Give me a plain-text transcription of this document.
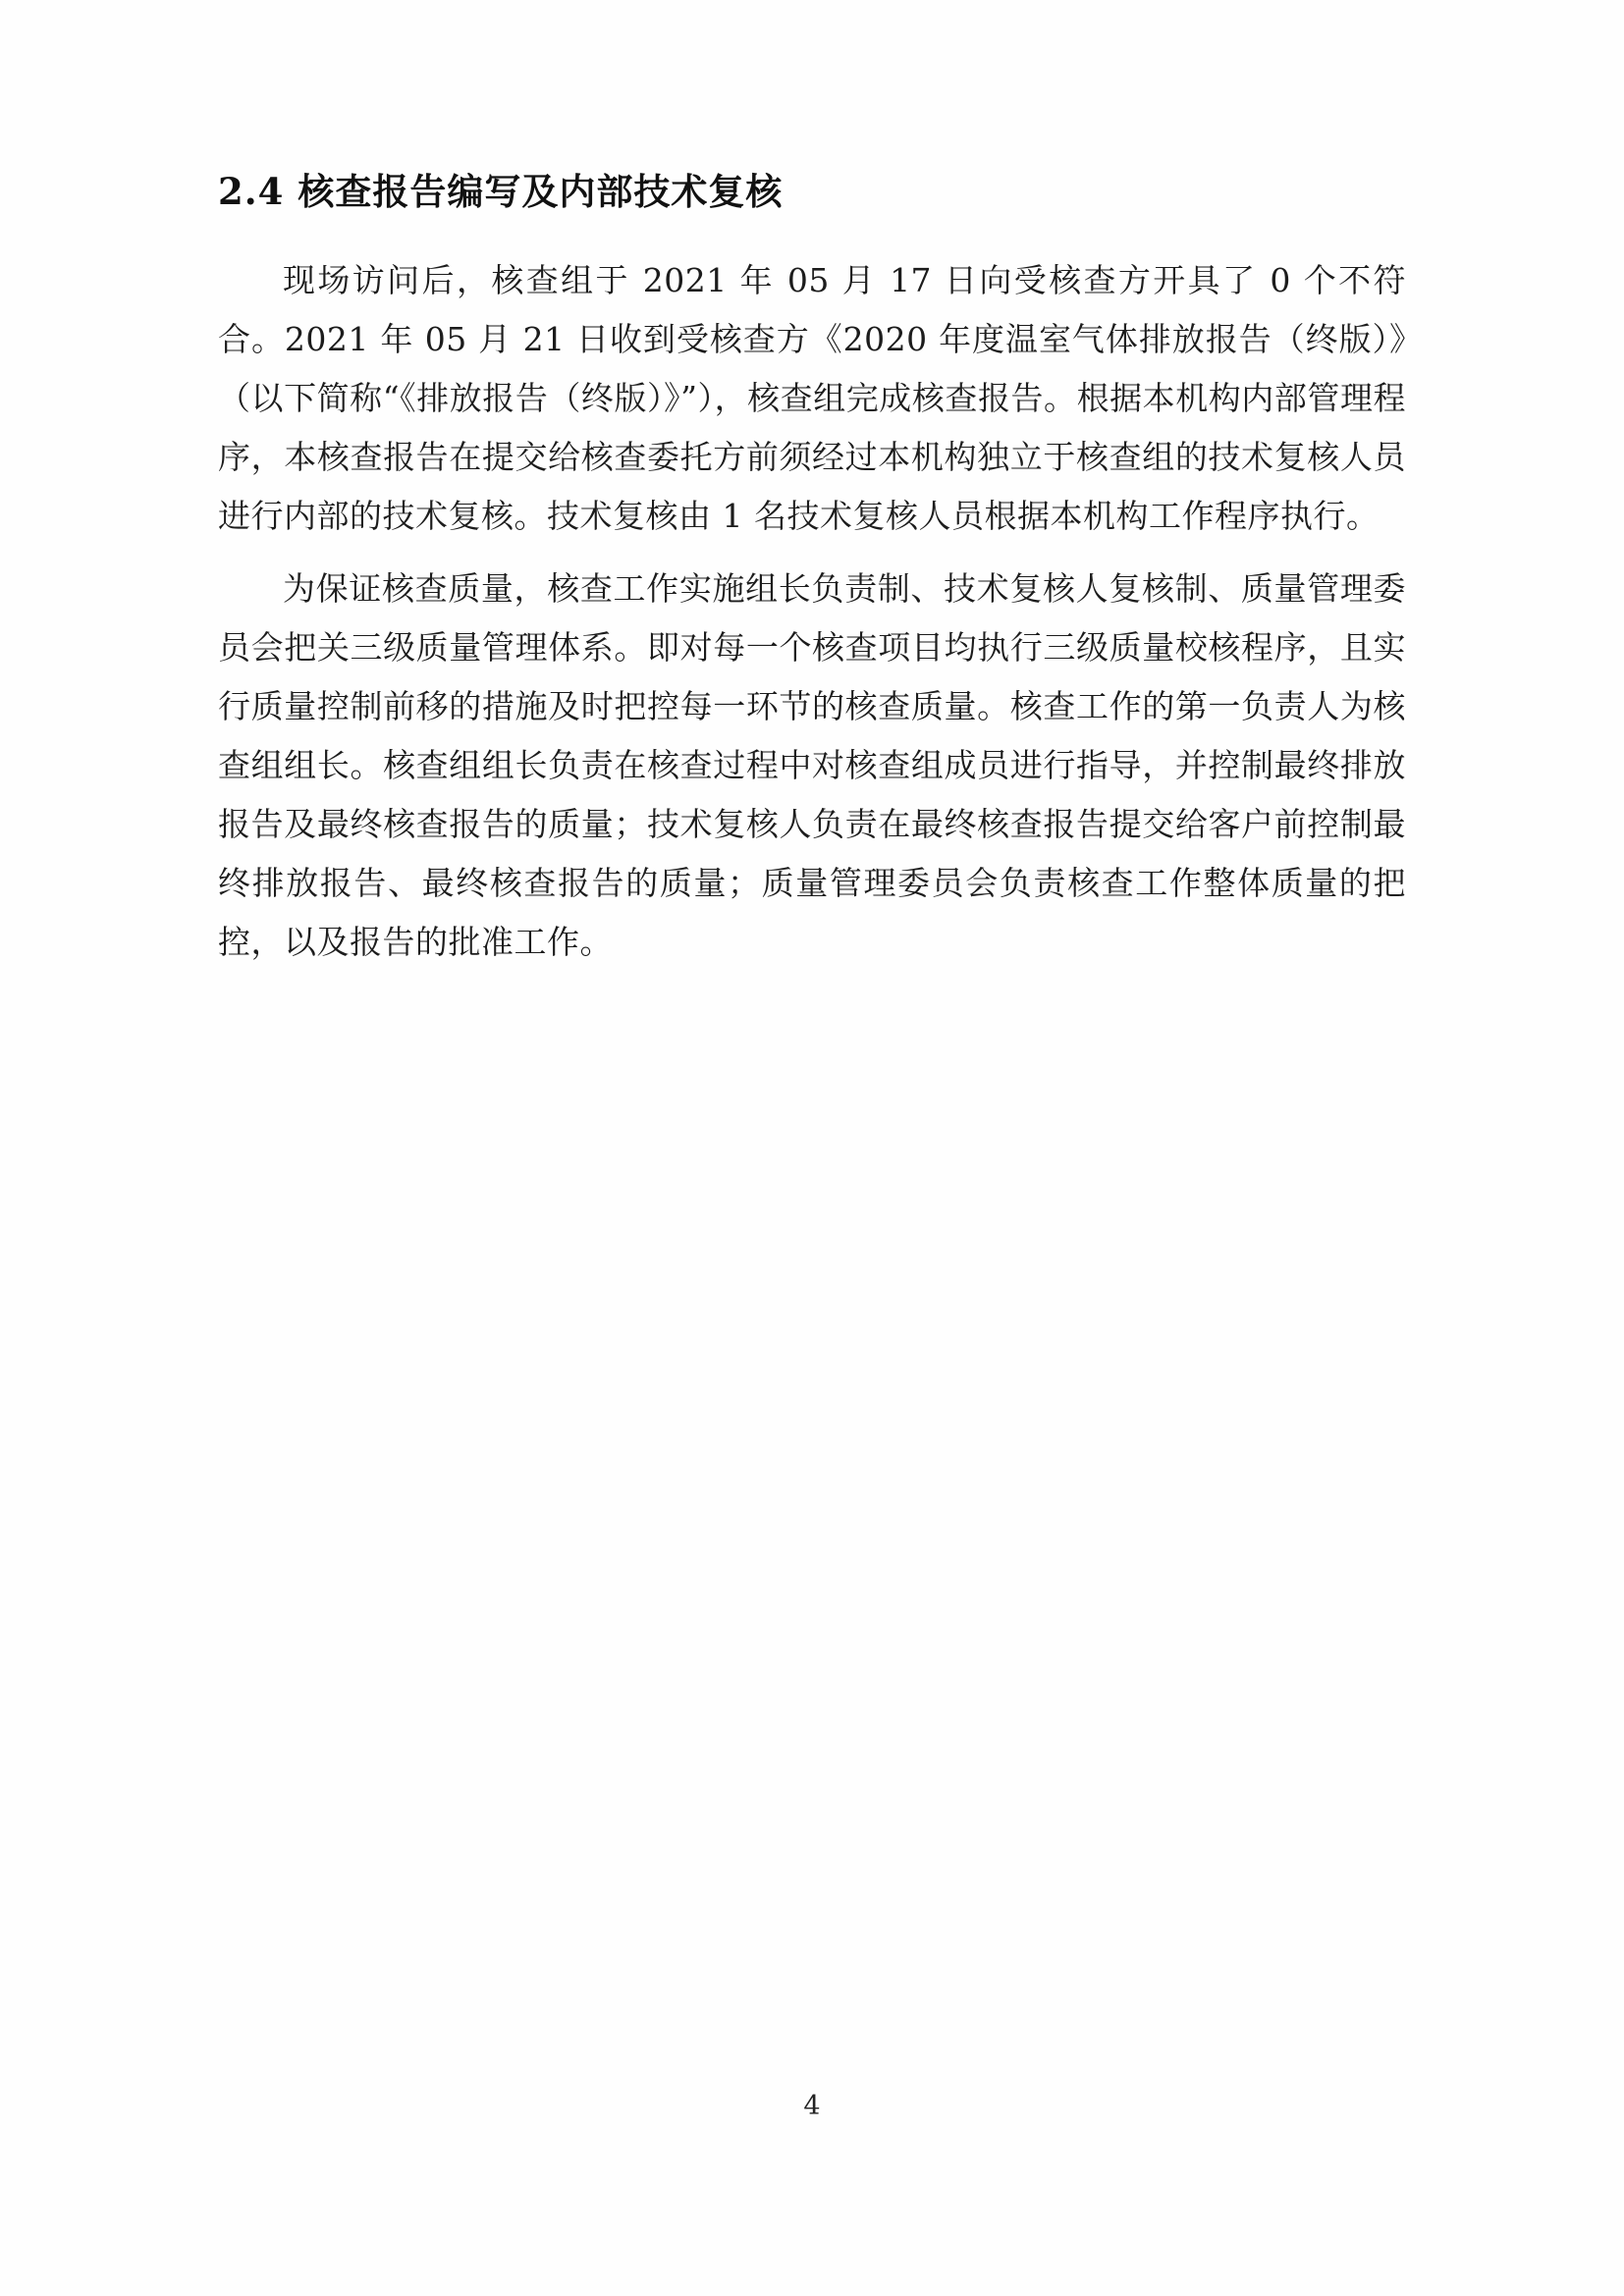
2.4 核查报告编写及内部技术复核

现场访问后，核查组于 2021 年 05 月 17 日向受核查方开具了 0 个不符合。2021 年 05 月 21 日收到受核查方《2020 年度温室气体排放报告（终版）》（以下简称“《排放报告（终版）》”），核查组完成核查报告。根据本机构内部管理程序，本核查报告在提交给核查委托方前须经过本机构独立于核查组的技术复核人员进行内部的技术复核。技术复核由 1 名技术复核人员根据本机构工作程序执行。

为保证核查质量，核查工作实施组长负责制、技术复核人复核制、质量管理委员会把关三级质量管理体系。即对每一个核查项目均执行三级质量校核程序，且实行质量控制前移的措施及时把控每一环节的核查质量。核查工作的第一负责人为核查组组长。核查组组长负责在核查过程中对核查组成员进行指导，并控制最终排放报告及最终核查报告的质量；技术复核人负责在最终核查报告提交给客户前控制最终排放报告、最终核查报告的质量；质量管理委员会负责核查工作整体质量的把控，以及报告的批准工作。

4
